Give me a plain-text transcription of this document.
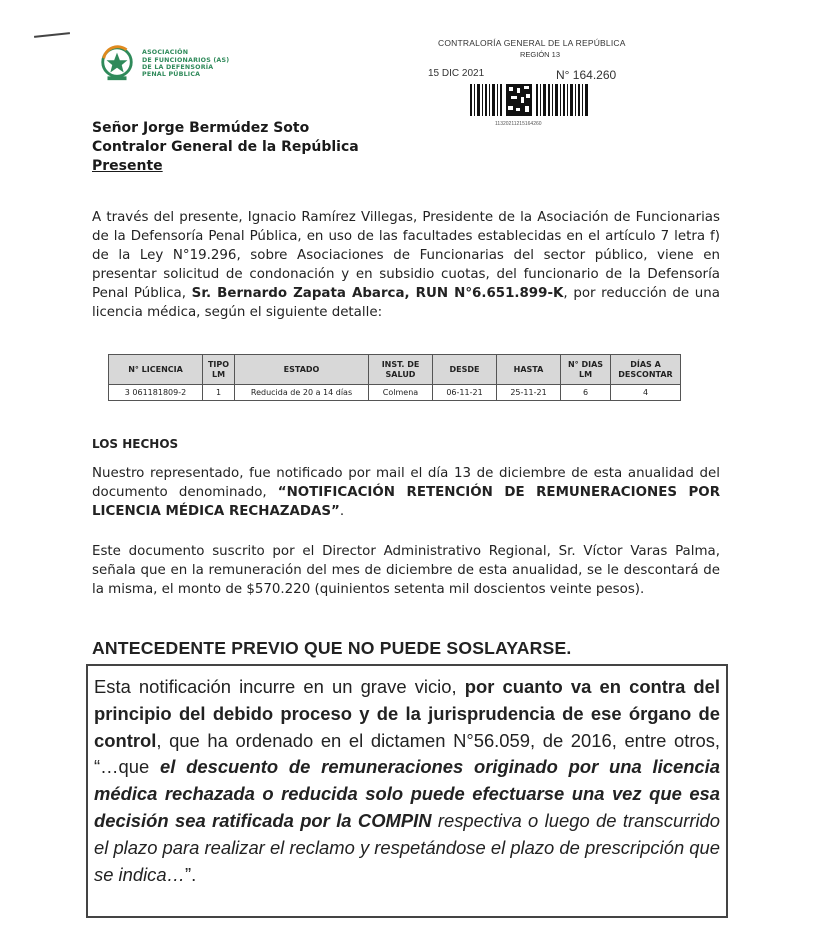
ASOCIACIÓN
DE FUNCIONARIOS (AS)
DE LA DEFENSORÍA
PENAL PÚBLICA
CONTRALORÍA GENERAL DE LA REPÚBLICA
REGIÓN 13
15 DIC 2021	N° 164.260
11320211215164260
Señor Jorge Bermúdez Soto
Contralor General de la República
Presente
A través del presente, Ignacio Ramírez Villegas, Presidente de la Asociación de Funcionarias de la Defensoría Penal Pública, en uso de las facultades establecidas en el artículo 7 letra f) de la Ley N°19.296, sobre Asociaciones de Funcionarias del sector público, viene en presentar solicitud de condonación y en subsidio cuotas, del funcionario de la Defensoría Penal Pública, Sr. Bernardo Zapata Abarca, RUN N°6.651.899-K, por reducción de una licencia médica, según el siguiente detalle:
N° LICENCIA	TIPO LM	ESTADO	INST. DE SALUD	DESDE	HASTA	N° DIAS LM	DÍAS A DESCONTAR
3 061181809-2	1	Reducida de 20 a 14 días	Colmena	06-11-21	25-11-21	6	4
LOS HECHOS
Nuestro representado, fue notificado por mail el día 13 de diciembre de esta anualidad del documento denominado, “NOTIFICACIÓN RETENCIÓN DE REMUNERACIONES POR LICENCIA MÉDICA RECHAZADAS”.
Este documento suscrito por el Director Administrativo Regional, Sr. Víctor Varas Palma, señala que en la remuneración del mes de diciembre de esta anualidad, se le descontará de la misma, el monto de $570.220 (quinientos setenta mil doscientos veinte pesos).
ANTECEDENTE PREVIO QUE NO PUEDE SOSLAYARSE.
Esta notificación incurre en un grave vicio, por cuanto va en contra del principio del debido proceso y de la jurisprudencia de ese órgano de control, que ha ordenado en el dictamen N°56.059, de 2016, entre otros, “…que el descuento de remuneraciones originado por una licencia médica rechazada o reducida solo puede efectuarse una vez que esa decisión sea ratificada por la COMPIN respectiva o luego de transcurrido el plazo para realizar el reclamo y respetándose el plazo de prescripción que se indica…”.
